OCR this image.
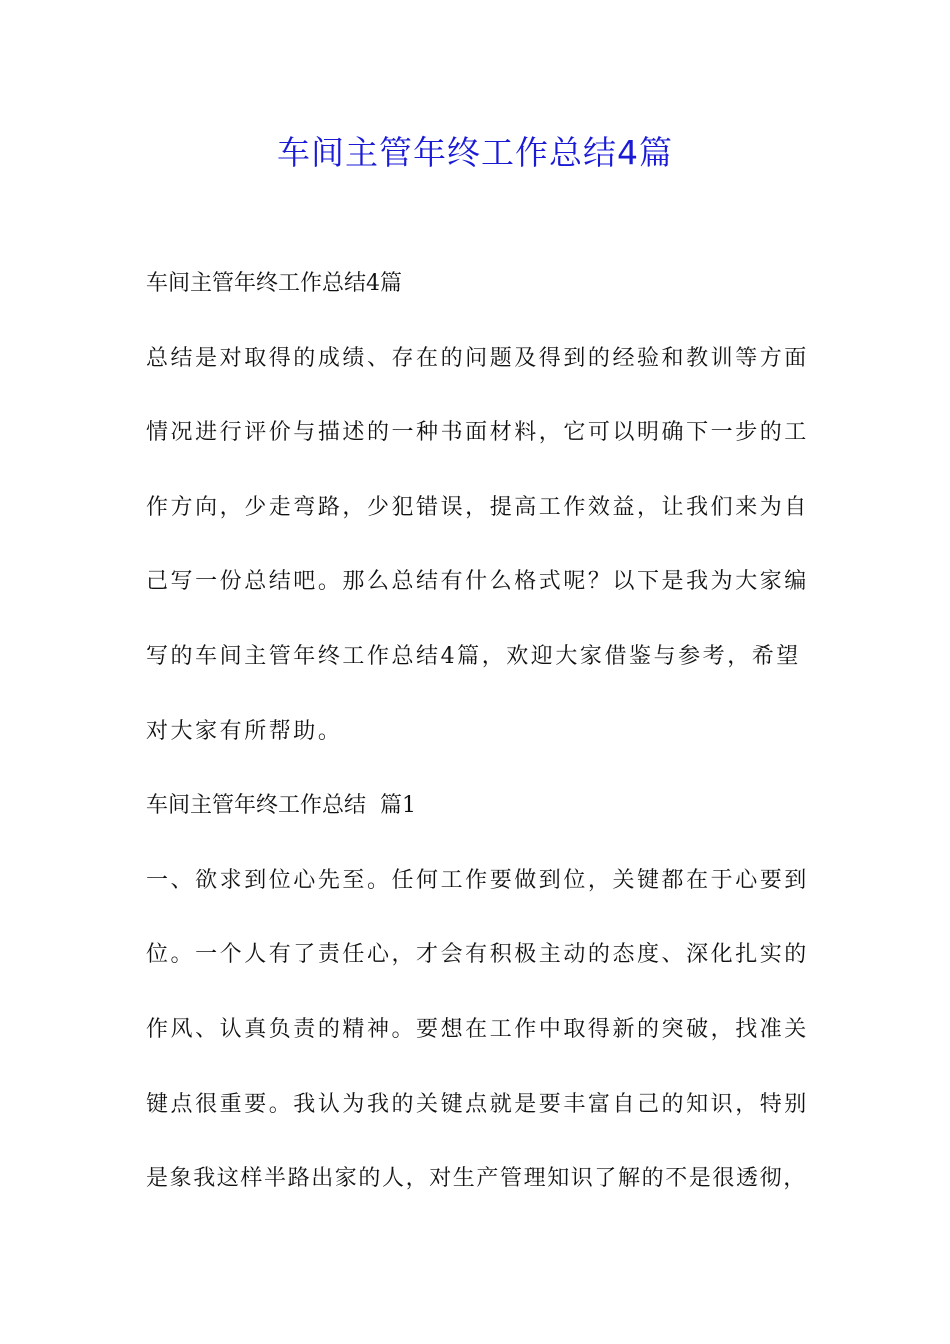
车间主管年终工作总结4篇

车间主管年终工作总结4篇

总结是对取得的成绩、存在的问题及得到的经验和教训等方面

情况进行评价与描述的一种书面材料，它可以明确下一步的工

作方向，少走弯路，少犯错误，提高工作效益，让我们来为自

己写一份总结吧。那么总结有什么格式呢？以下是我为大家编

写的车间主管年终工作总结4篇，欢迎大家借鉴与参考，希望

对大家有所帮助。

车间主管年终工作总结  篇1

一、欲求到位心先至。任何工作要做到位，关键都在于心要到

位。一个人有了责任心，才会有积极主动的态度、深化扎实的

作风、认真负责的精神。要想在工作中取得新的突破，找准关

键点很重要。我认为我的关键点就是要丰富自己的知识，特别

是象我这样半路出家的人，对生产管理知识了解的不是很透彻，
